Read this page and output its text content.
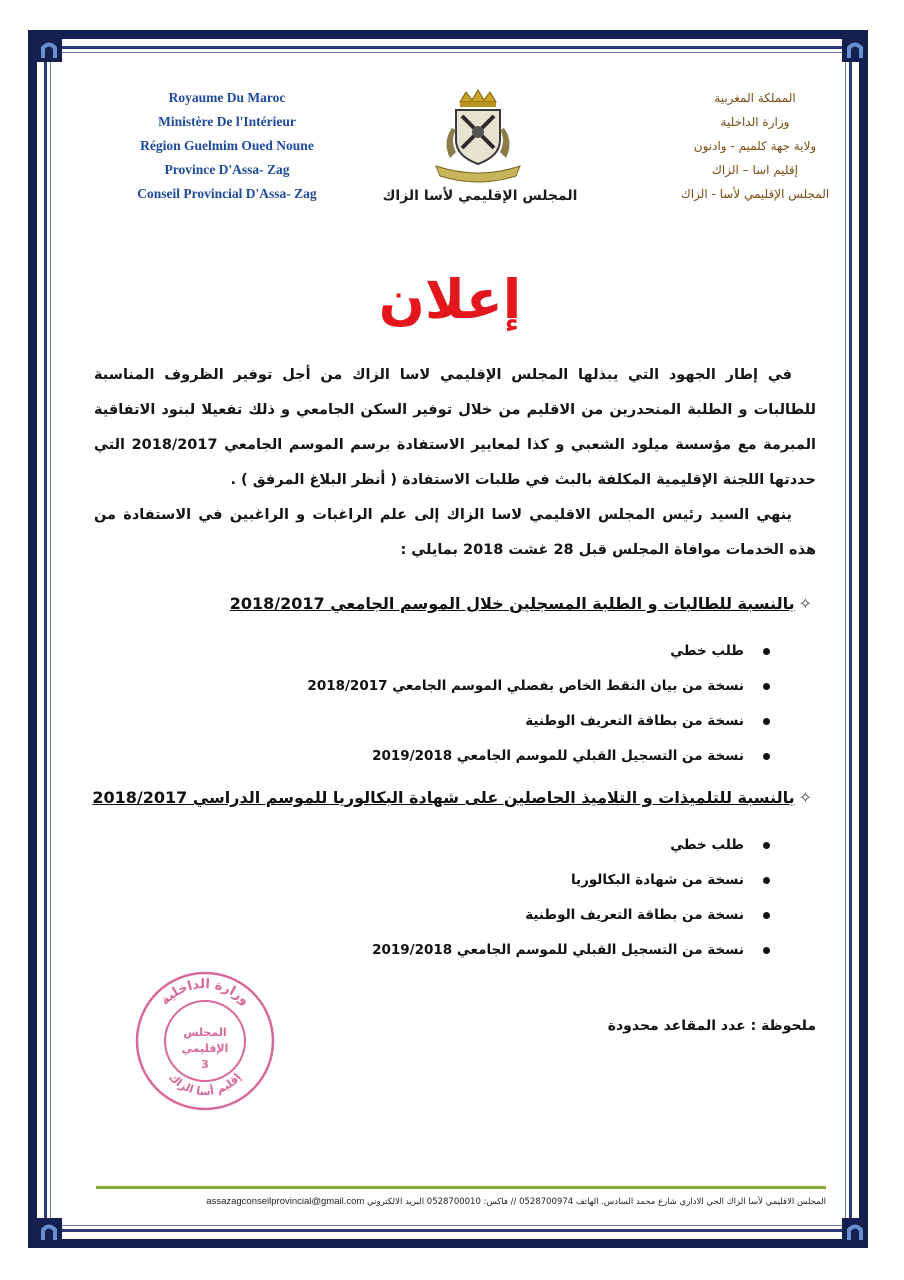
Royaume Du Maroc
Ministère De l'Intérieur
Région Guelmim Oued Noune
Province D'Assa- Zag
Conseil Provincial D'Assa- Zag
المملكة المغربية
وزارة الداخلية
ولاية جهة كلميم - وادنون
إقليم اسا – الزاك
المجلس الإقليمي لأسا - الزاك
المجلس الإقليمي لأسا الزاك
إعلان

في إطار الجهود التي يبذلها المجلس الإقليمي لاسا الزاك من أجل توفير الظروف المناسبة للطالبات و الطلبة المنحدرين من الاقليم من خلال توفير السكن الجامعي و ذلك تفعيلا لبنود الاتفاقية المبرمة مع مؤسسة ميلود الشعبي و كذا لمعايير الاستفادة برسم الموسم الجامعي 2018/2017 التي حددتها اللجنة الإقليمية المكلفة بالبث في طلبات الاستفادة ( أنظر البلاغ المرفق ) .

ينهي السيد رئيس المجلس الاقليمي لاسا الزاك إلى علم الراغبات و الراغبين في الاستفادة من هذه الخدمات موافاة المجلس قبل 28 غشت 2018 بمايلي :

✧بالنسبة للطالبات و الطلبة المسجلين خلال الموسم الجامعي 2018/2017
طلب خطي
نسخة من بيان النقط الخاص بفصلي الموسم الجامعي 2018/2017
نسخة من بطاقة التعريف الوطنية
نسخة من التسجيل القبلي للموسم الجامعي 2019/2018
✧بالنسبة للتلميذات و التلاميذ الحاصلين على شهادة البكالوريا للموسم الدراسي 2018/2017
طلب خطي
نسخة من شهادة البكالوريا
نسخة من بطاقة التعريف الوطنية
نسخة من التسجيل القبلي للموسم الجامعي 2019/2018
وزارة الداخلية
إقليم أسا الزاك
المجلس
الإقليمي
3
ملحوظة : عدد المقاعد محدودة
المجلس الاقليمي لأسا الزاك الحي الاداري شارع محمد السادس. الهاتف 0528700974 // فاكس: 0528700010 البريد الالكتروني assazagconseilprovincial@gmail.com
